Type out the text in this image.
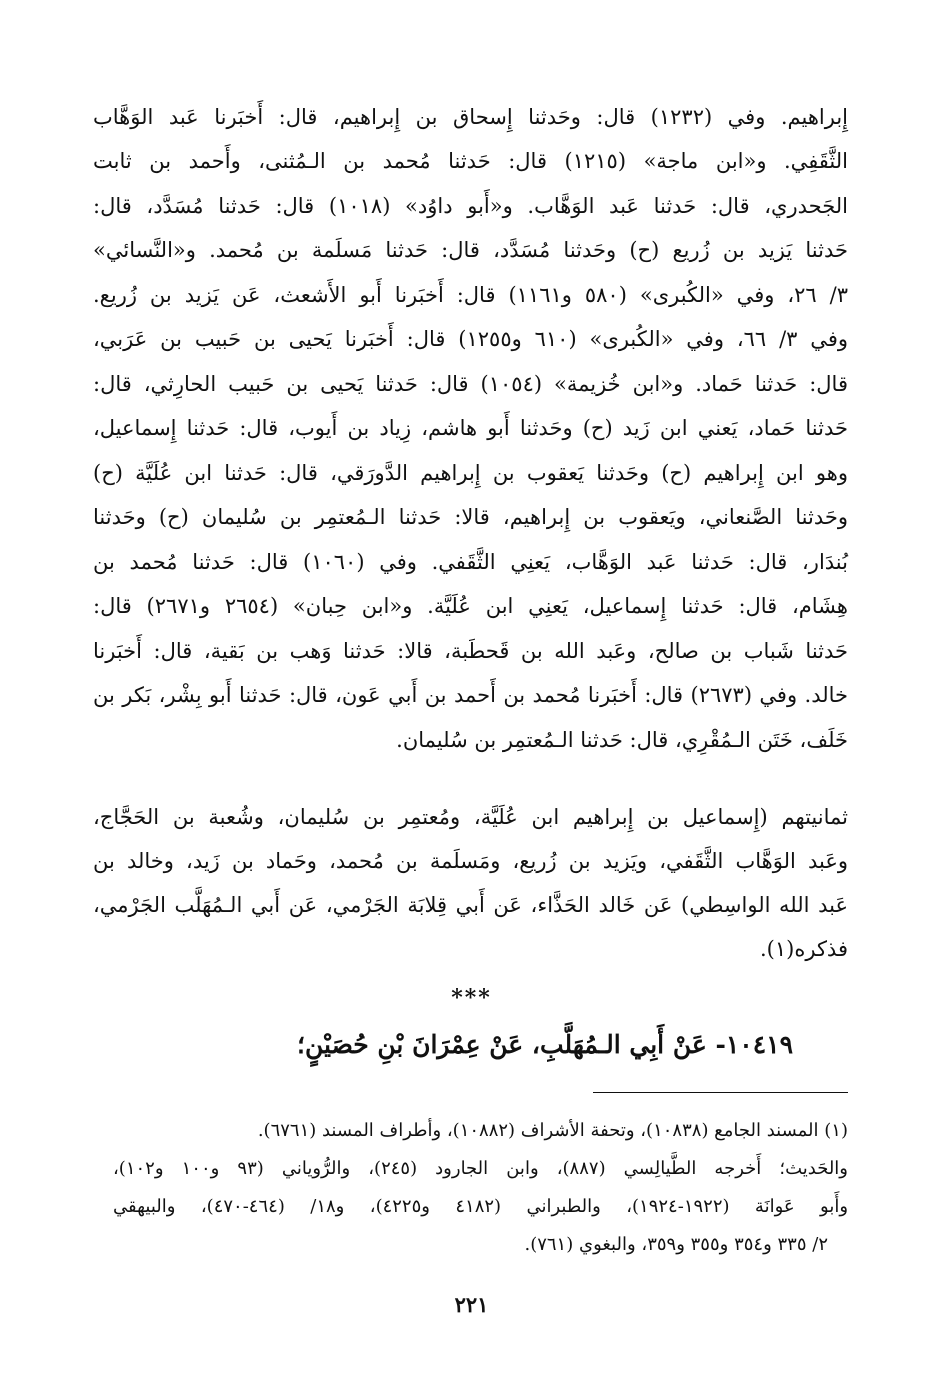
إِبراهيم. وفي (١٢٣٢) قال: وحَدثنا إِسحاق بن إِبراهيم، قال: أَخبَرنا عَبد الوَهَّاب
الثَّقَفِي. و«ابن ماجة» (١٢١٥) قال: حَدثنا مُحمد بن الـمُثنى، وأَحمد بن ثابت
الجَحدري، قال: حَدثنا عَبد الوَهَّاب. و«أَبو داوُد» (١٠١٨) قال: حَدثنا مُسَدَّد، قال:
حَدثنا يَزيد بن زُريع (ح) وحَدثنا مُسَدَّد، قال: حَدثنا مَسلَمة بن مُحمد. و«النَّسائي»
٣/ ٢٦، وفي «الكُبرى» (٥٨٠ و١١٦١) قال: أَخبَرنا أَبو الأَشعث، عَن يَزيد بن زُريع.
وفي ٣/ ٦٦، وفي «الكُبرى» (٦١٠ و١٢٥٥) قال: أَخبَرنا يَحيى بن حَبيب بن عَرَبي،
قال: حَدثنا حَماد. و«ابن خُزيمة» (١٠٥٤) قال: حَدثنا يَحيى بن حَبيب الحارِثي، قال:
حَدثنا حَماد، يَعني ابن زَيد (ح) وحَدثنا أَبو هاشم، زِياد بن أَيوب، قال: حَدثنا إِسماعيل،
وهو ابن إِبراهيم (ح) وحَدثنا يَعقوب بن إِبراهيم الدَّورَقي، قال: حَدثنا ابن عُلَيَّة (ح)
وحَدثنا الصَّنعاني، ويَعقوب بن إِبراهيم، قالا: حَدثنا الـمُعتمِر بن سُليمان (ح) وحَدثنا
بُندَار، قال: حَدثنا عَبد الوَهَّاب، يَعنِي الثَّقَفي. وفي (١٠٦٠) قال: حَدثنا مُحمد بن
هِشَام، قال: حَدثنا إِسماعيل، يَعنِي ابن عُلَيَّة. و«ابن حِبان» (٢٦٥٤ و٢٦٧١) قال:
حَدثنا شَباب بن صالح، وعَبد الله بن قَحطَبة، قالا: حَدثنا وَهب بن بَقية، قال: أَخبَرنا
خالد. وفي (٢٦٧٣) قال: أَخبَرنا مُحمد بن أَحمد بن أَبي عَون، قال: حَدثنا أَبو بِشْر، بَكر بن
خَلَف، خَتَن الـمُقْرِي، قال: حَدثنا الـمُعتمِر بن سُليمان.
ثمانيتهم (إِسماعيل بن إِبراهيم ابن عُلَيَّة، ومُعتمِر بن سُليمان، وشُعبة بن الحَجَّاج،
وعَبد الوَهَّاب الثَّقَفي، ويَزيد بن زُريع، ومَسلَمة بن مُحمد، وحَماد بن زَيد، وخالد بن
عَبد الله الواسِطي) عَن خَالد الحَذَّاء، عَن أَبي قِلابَة الجَرْمي، عَن أَبي الـمُهَلَّب الجَرْمي،
فذكره(١).
***
١٠٤١٩- عَنْ أَبِي الـمُهَلَّبِ، عَنْ عِمْرَانَ بْنِ حُصَيْنٍ؛
(١) المسند الجامع (١٠٨٣٨)، وتحفة الأشراف (١٠٨٨٢)، وأطراف المسند (٦٧٦١).
والحَديث؛ أَخرجه الطَّيالِسي (٨٨٧)، وابن الجارود (٢٤٥)، والرُّوياني (٩٣ و١٠٠ و١٠٢)،
وأَبو عَوانَة (١٩٢٢-١٩٢٤)، والطبراني (٤١٨٢ و٤٢٢٥)، و١٨/ (٤٦٤-٤٧٠)، والبيهقي
٢/ ٣٣٥ و٣٥٤ و٣٥٥ و٣٥٩، والبغوي (٧٦١).
٢٢١
